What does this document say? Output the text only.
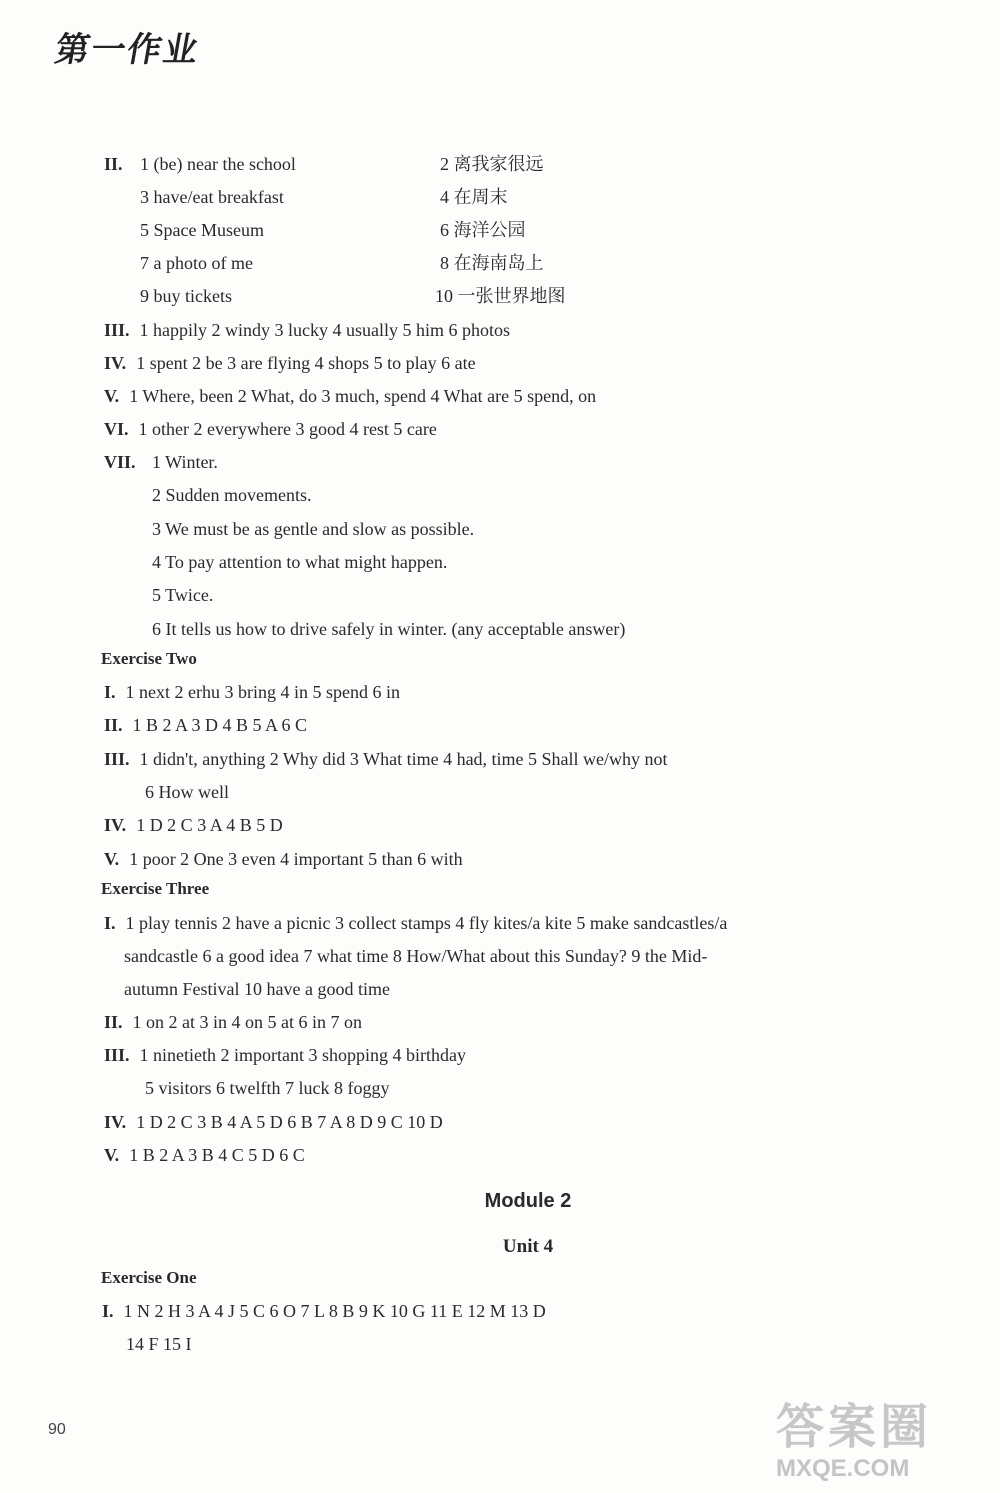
第一作业
II. 1 (be) near the school	2 离我家很远
3 have/eat breakfast	4 在周末
5 Space Museum	6 海洋公园
7 a photo of me	8 在海南岛上
9 buy tickets	10 一张世界地图
III. 1 happily 2 windy 3 lucky 4 usually 5 him 6 photos
IV. 1 spent 2 be 3 are flying 4 shops 5 to play 6 ate
V. 1 Where, been 2 What, do 3 much, spend 4 What are 5 spend, on
VI. 1 other 2 everywhere 3 good 4 rest 5 care
VII. 1 Winter.
2 Sudden movements.
3 We must be as gentle and slow as possible.
4 To pay attention to what might happen.
5 Twice.
6 It tells us how to drive safely in winter. (any acceptable answer)
Exercise Two
I. 1 next 2 erhu 3 bring 4 in 5 spend 6 in
II. 1 B 2 A 3 D 4 B 5 A 6 C
III. 1 didn't, anything 2 Why did 3 What time 4 had, time 5 Shall we/why not
6 How well
IV. 1 D 2 C 3 A 4 B 5 D
V. 1 poor 2 One 3 even 4 important 5 than 6 with
Exercise Three
I. 1 play tennis 2 have a picnic 3 collect stamps 4 fly kites/a kite 5 make sandcastles/a
sandcastle 6 a good idea 7 what time 8 How/What about this Sunday? 9 the Mid-
autumn Festival 10 have a good time
II. 1 on 2 at 3 in 4 on 5 at 6 in 7 on
III. 1 ninetieth 2 important 3 shopping 4 birthday
5 visitors 6 twelfth 7 luck 8 foggy
IV. 1 D 2 C 3 B 4 A 5 D 6 B 7 A 8 D 9 C 10 D
V. 1 B 2 A 3 B 4 C 5 D 6 C
Module 2
Unit 4
Exercise One
I. 1 N 2 H 3 A 4 J 5 C 6 O 7 L 8 B 9 K 10 G 11 E 12 M 13 D
14 F 15 I
90	答案圈
MXQE.COM
